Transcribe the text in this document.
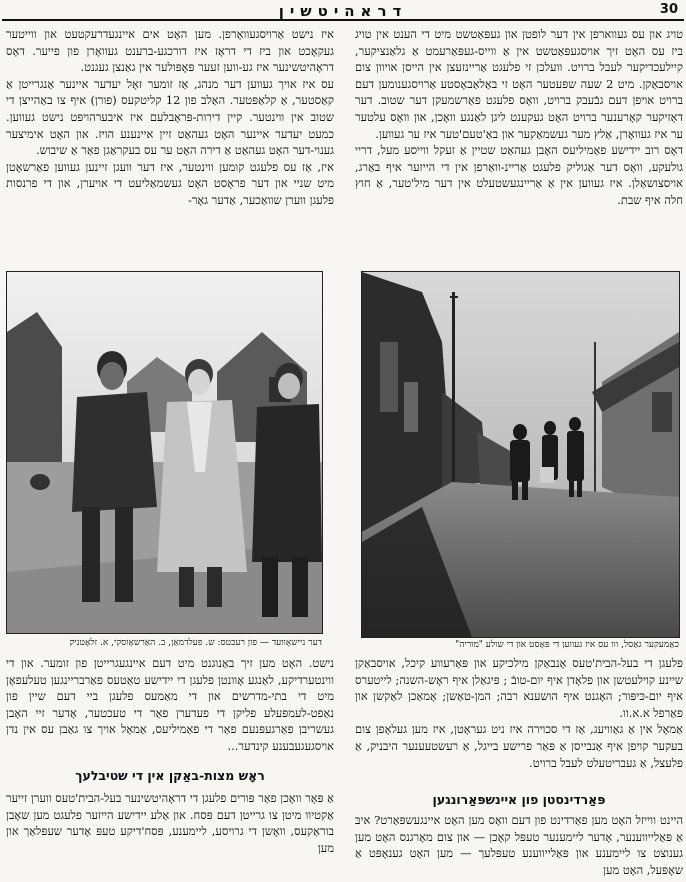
דראהיטשין	30

טויג און עס געווארפן אין דער לופטן און געפּאַטשט מיט די הענט אין טויג ביז עס האָט זיך אויסגעפּאַטשט אין אַ ווייס-געפּאַרעמט אַ גלאַנציקער, קיילעכדיקער לעבל ברויט. וועלכן זי פלעגט אַריינזעצן אין הייסן אויוון צום אויסבאַקן. מיט 2 שעה שפּעטער האָט זי באַלאַבאָסטע אַרויסגענומען דעם ברויט אויפן דעם גבֿעבק ברויט, וואָס פלעגט פאַרשמעקן דער שטוב. דער דאָזיקער קאָרענער ברויט האָט געקענט ליגן לאַנגע וואָכן, און וואָס עלטער ער איז געוואָרן, אַלץ מער געשמאַקער און באַ'טעם'טער איז ער געווען.
דאָס רוב יידישע פאַמיליעס האָבן געהאַט שטיין אַ זעקל ווייסע מעל, דריי גולעקע, וואָס דער אַגוליק פלעגט אַריינ-וואַרפן אין די הייזער איף באַרג, אויסצושאַלן. איז געווען אין אַ אַריינגעשטעלט אין דער מיל'טער, אַ חוץ חלה איף שבת.

איז נישט אַרויסגעוואָרפן. מען האָט אים איינגעדרעקטעט און ווייטער געקאָכט און ביז די דראָז איז דורכגע-ברענט געוואָרן פון פייער. דאָס דראָהיטשינער איז גע-ווען זעער פּאָפּולער אין גאַנצן געגנט.
עס איז אויך געווען דער מנהג, אַז זומער זאָל יעדער איינער אַנגרייטן אַ קאַסטער, אַ קלאַפּטער. האַלב פון 12 קליטקעס (פורן) איף צו באַהייצן די שטוב אין ווינטער. קיין דירות-פּראָבלעם איז איבערהויפּט נישט געווען. כמעט יעדער איינער האָט געהאַט זיין איינענע הויז. און האָט אימיצער גענוי-דער האָט געהאַט אַ דירה האָט ער עס בעקראַגן פאַר אַ שיבוש.
איז, אַז עס פלעגט קומען ווינטער, איז דער וועגן זיינען געווען פאַרשאָטן מיט שניי און דער פראָסט האָט געשמאַליעט די אויערן, און די פרנסות פלעגן ווערן שוואַכער, אַדער גאָר-

כאָמעקער גאַסל, ווו עס איז געווען די פּאָסט און די שולע "מוריה"
דער ניישאָוועד — פון רעכטס: ש. פעלדמאַן, ב. האַרשאָוסקי, א. זלאָטניק

פלעגן די בעל-הבית'טעס אָנבאַקן מילכיקע און פּאַרעווע קיכל, אויסבאַקן שיינע קוילעטשן און פלאָדן איף יום-טובֿ ; פּיגאַלן איף ראָש-השנה; לייטערס איף יום-כּיפּור; האָגנט איף הושענא רבה; המן-טאַשן; אָמאַכן לאַקשן און פאַרפל א.א.וו.
אַמאָל אין אַ גאַוויעג, אַז די סכוירה איז ניט געראָטן, איז מען געלאָפן צום בעקער קויפן איף אַנבייסן אַ פּאַר פרישע בייגל, אַ רעשטעענער היבניק, אַ פלעצל, אַ געבריטעלט לעבל ברויט.

נישט. האָט מען זיך באַנוגנט מיט דעם איינגעגרייטן פון זומער. און די ווינטערדיקע, לאַנגע אָוונטן פלעגן די יידישע טאַטעס פאַרבריינגען טעלעפאָן מיט די בתי-מדרשים און די מאַמעס פלעגן ביי דעם שיין פון נאַפט-לעמפּעלע פליקן די פעדערן פאַר די טעכטער, אָדער זיי האָבן געשריבן פאַרגעפּנעם פאַר די פאַמיליעס, אַמאָל אויך צו גאַבן עס אין נדן אויסגעגעבענע קינדער...

פּאַרדינסטן פון איינשפּאַרונגען

היינט ווייזל האָט מען פאַרדינט פון דעם וואָס מען האָט איינגעשפּאַרט? איבּ אַ פּאַלייווענער, אָדער ליימענער טעפּל קאָכן — און צום מאָרגנס האָט מען גענוצט צו ליימענע און פּאַלייווענע טעפּלעך — מען האָט גענאָפּט אַ שאָפּעל, האָט מען

ראָש מצות-באַקן אין די שטיבלעך

אַ פּאָר וואָכן פאַר פּורים פלעגן די דראָהיטשינער בעל-הבית'טעס ווערן זייער אַקטיוו מיטן צו גרייטן דעם פּסח. און אַלע יידישע הייזער פלעגט מען שאָבן בוראַקעס, וואָשן די גרויסע, ליימענע, פּסח'דיקע טעפּ אָדער שעפּלאַך און מען
